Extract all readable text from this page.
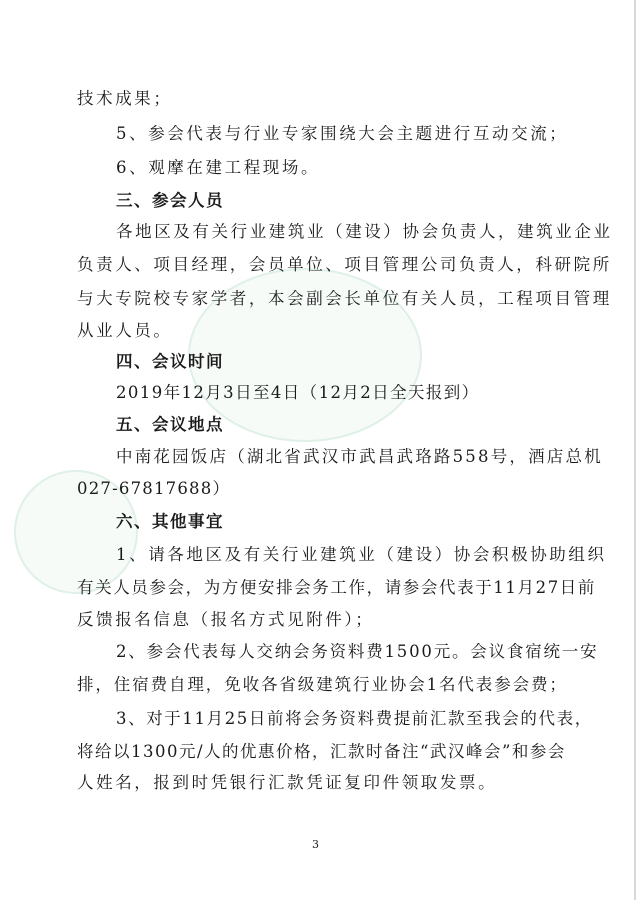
技术成果；
5、参会代表与行业专家围绕大会主题进行互动交流；
6、观摩在建工程现场。
三、参会人员
各地区及有关行业建筑业（建设）协会负责人，建筑业企业
负责人、项目经理，会员单位、项目管理公司负责人，科研院所
与大专院校专家学者，本会副会长单位有关人员，工程项目管理
从业人员。
四、会议时间
2019年12月3日至4日（12月2日全天报到）
五、会议地点
中南花园饭店（湖北省武汉市武昌武珞路558号，酒店总机
027-67817688）
六、其他事宜
1、请各地区及有关行业建筑业（建设）协会积极协助组织
有关人员参会，为方便安排会务工作，请参会代表于11月27日前
反馈报名信息（报名方式见附件）；
2、参会代表每人交纳会务资料费1500元。会议食宿统一安
排，住宿费自理，免收各省级建筑行业协会1名代表参会费；
3、对于11月25日前将会务资料费提前汇款至我会的代表，
将给以1300元/人的优惠价格，汇款时备注“武汉峰会”和参会
人姓名，报到时凭银行汇款凭证复印件领取发票。
3
